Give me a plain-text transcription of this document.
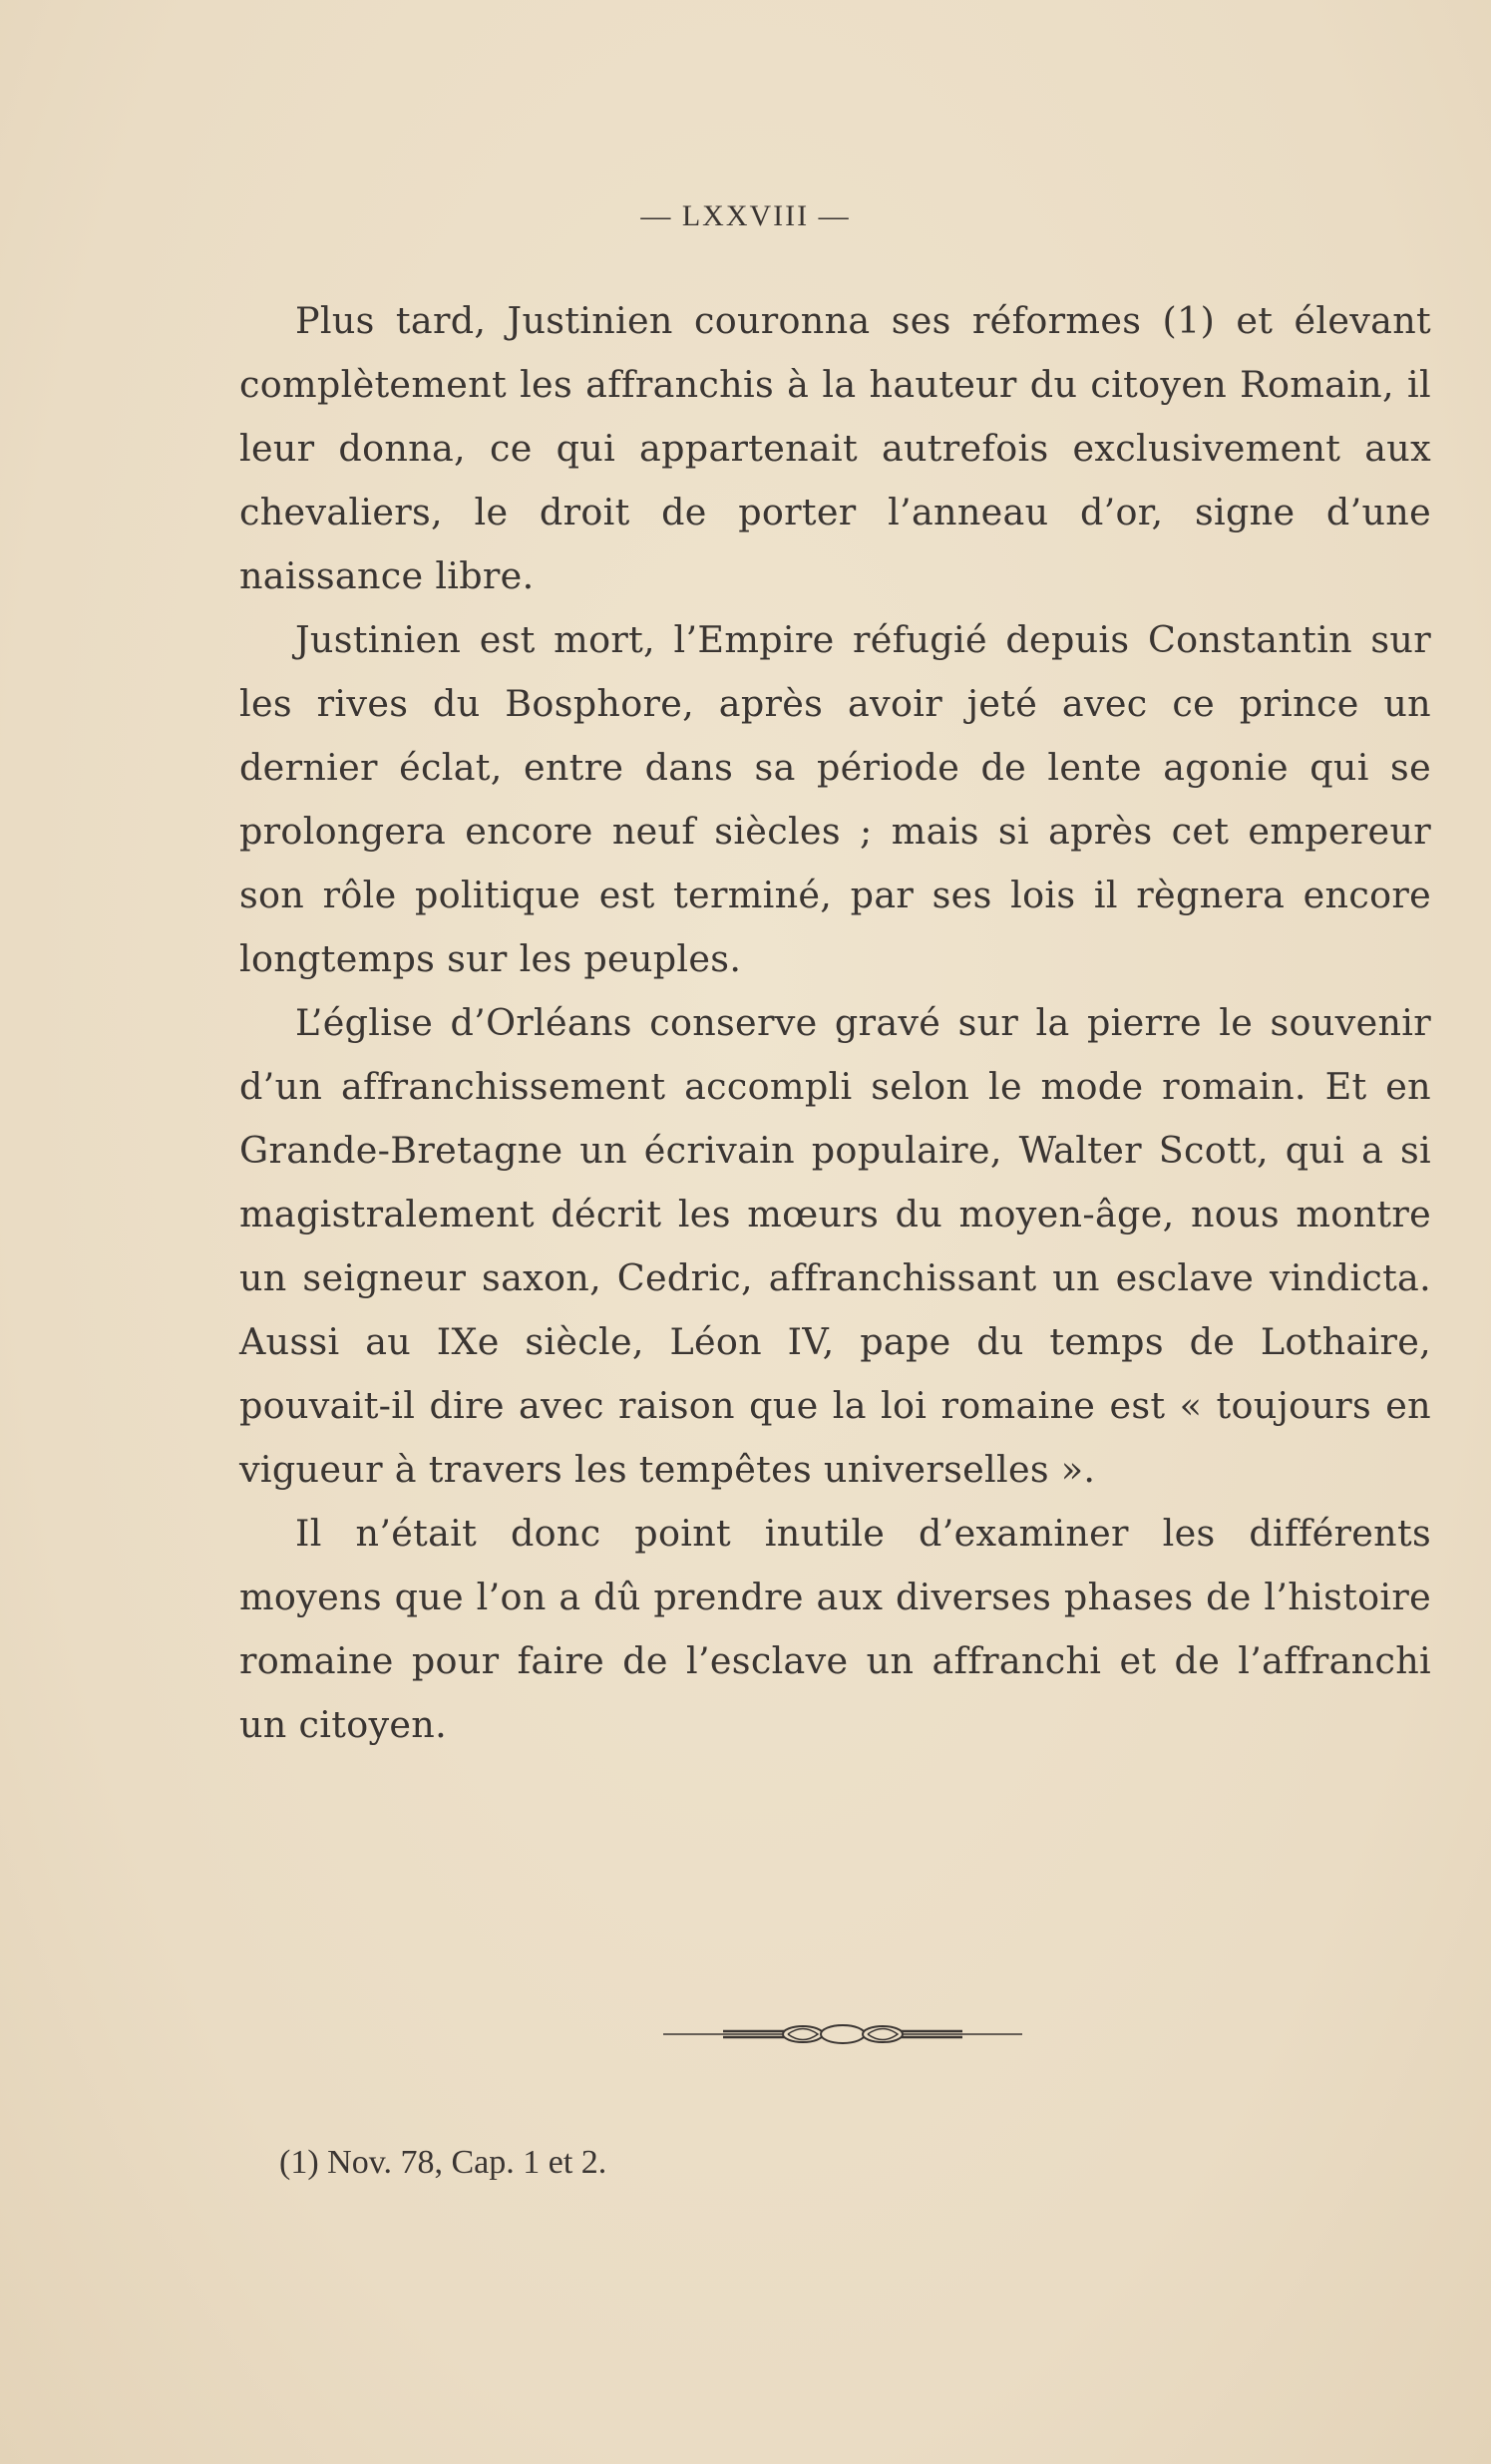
— LXXVIII —

Plus tard, Justinien couronna ses réformes (1) et élevant complètement les affranchis à la hauteur du citoyen Romain, il leur donna, ce qui appartenait autrefois exclusivement aux chevaliers, le droit de porter l’anneau d’or, signe d’une naissance libre.

Justinien est mort, l’Empire réfugié depuis Constantin sur les rives du Bosphore, après avoir jeté avec ce prince un dernier éclat, entre dans sa période de lente agonie qui se prolongera encore neuf siècles ; mais si après cet empereur son rôle politique est terminé, par ses lois il règnera encore longtemps sur les peuples.

L’église d’Orléans conserve gravé sur la pierre le souvenir d’un affranchissement accompli selon le mode romain. Et en Grande-Bretagne un écrivain populaire, Walter Scott, qui a si magistralement décrit les mœurs du moyen-âge, nous montre un seigneur saxon, Cedric, affranchissant un esclave vindicta. Aussi au IXe siècle, Léon IV, pape du temps de Lothaire, pouvait-il dire avec raison que la loi romaine est « toujours en vigueur à travers les tempêtes universelles ».

Il n’était donc point inutile d’examiner les différents moyens que l’on a dû prendre aux diverses phases de l’histoire romaine pour faire de l’esclave un affranchi et de l’affranchi un citoyen.

(1) Nov. 78, Cap. 1 et 2.
